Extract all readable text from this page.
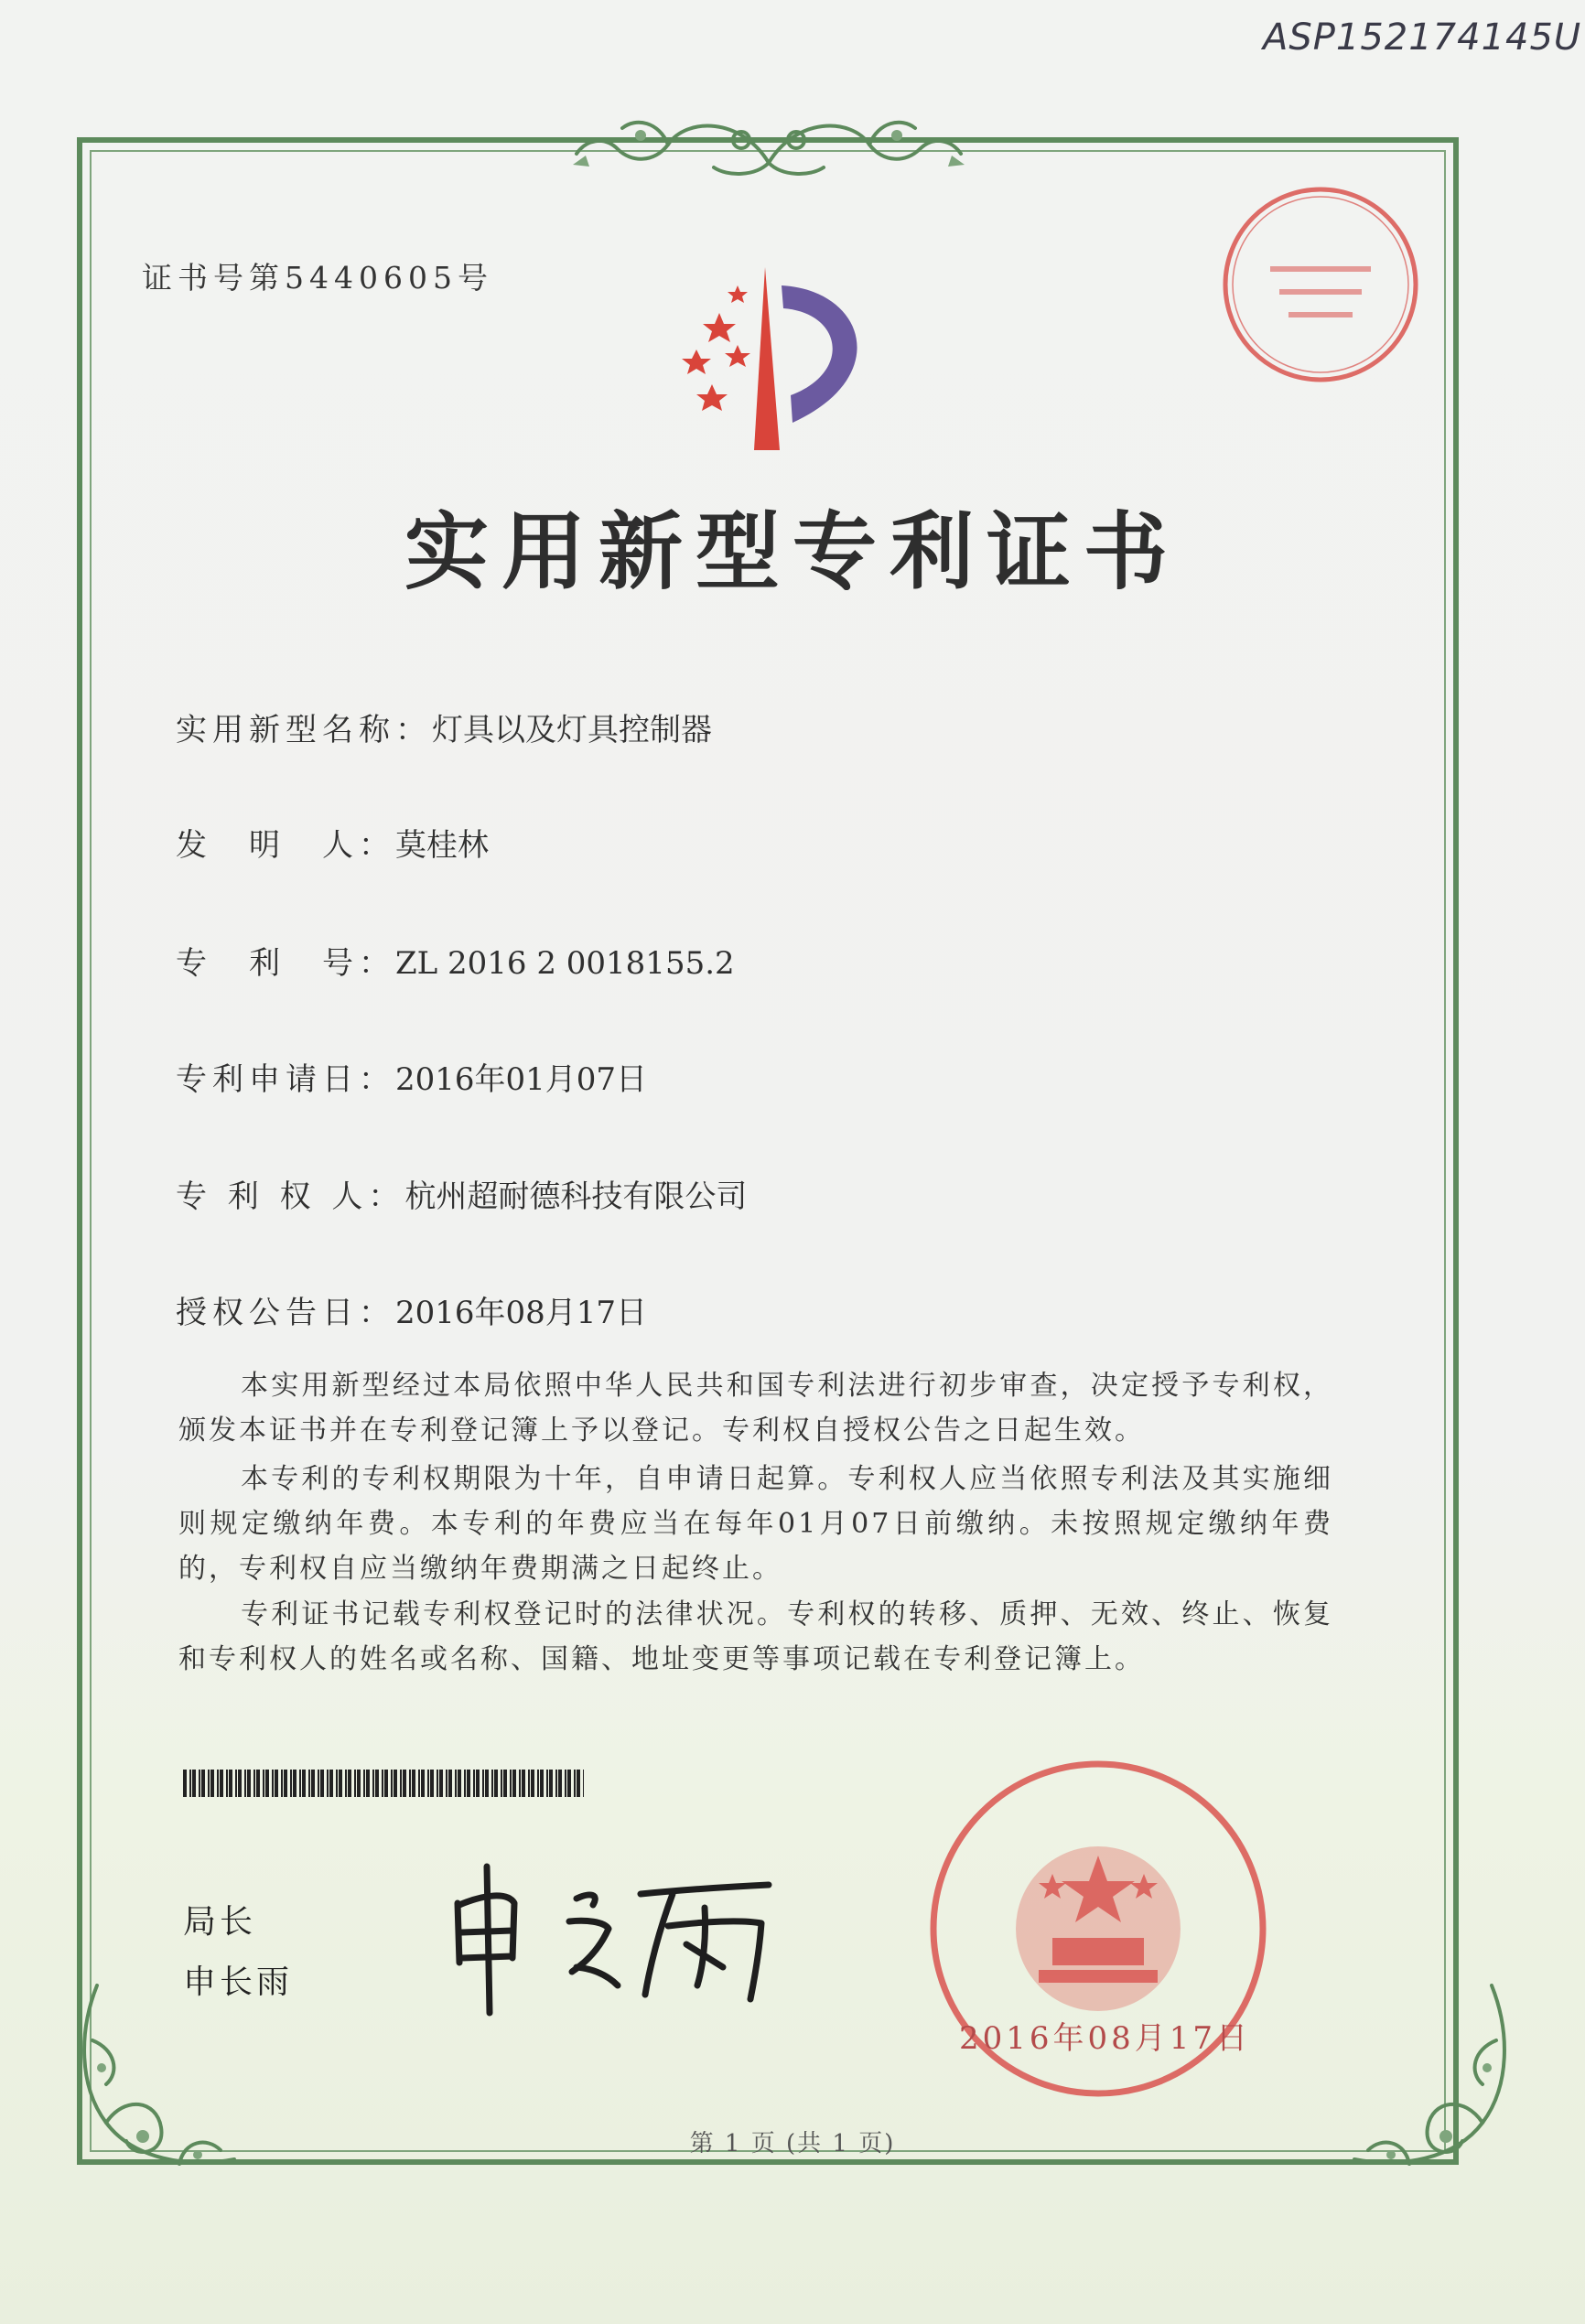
ASP152174145U
证书号第5440605号
实用新型专利证书
实用新型名称：灯具以及灯具控制器
发　明　人：莫桂林
专　利　号：ZL 2016 2 0018155.2
专利申请日：2016年01月07日
专 利 权 人：杭州超耐德科技有限公司
授权公告日：2016年08月17日
本实用新型经过本局依照中华人民共和国专利法进行初步审查，决定授予专利权，颁发本证书并在专利登记簿上予以登记。专利权自授权公告之日起生效。
本专利的专利权期限为十年，自申请日起算。专利权人应当依照专利法及其实施细则规定缴纳年费。本专利的年费应当在每年01月07日前缴纳。未按照规定缴纳年费的，专利权自应当缴纳年费期满之日起终止。
专利证书记载专利权登记时的法律状况。专利权的转移、质押、无效、终止、恢复和专利权人的姓名或名称、国籍、地址变更等事项记载在专利登记簿上。
局长
申长雨
2016年08月17日
第 1 页 (共 1 页)
